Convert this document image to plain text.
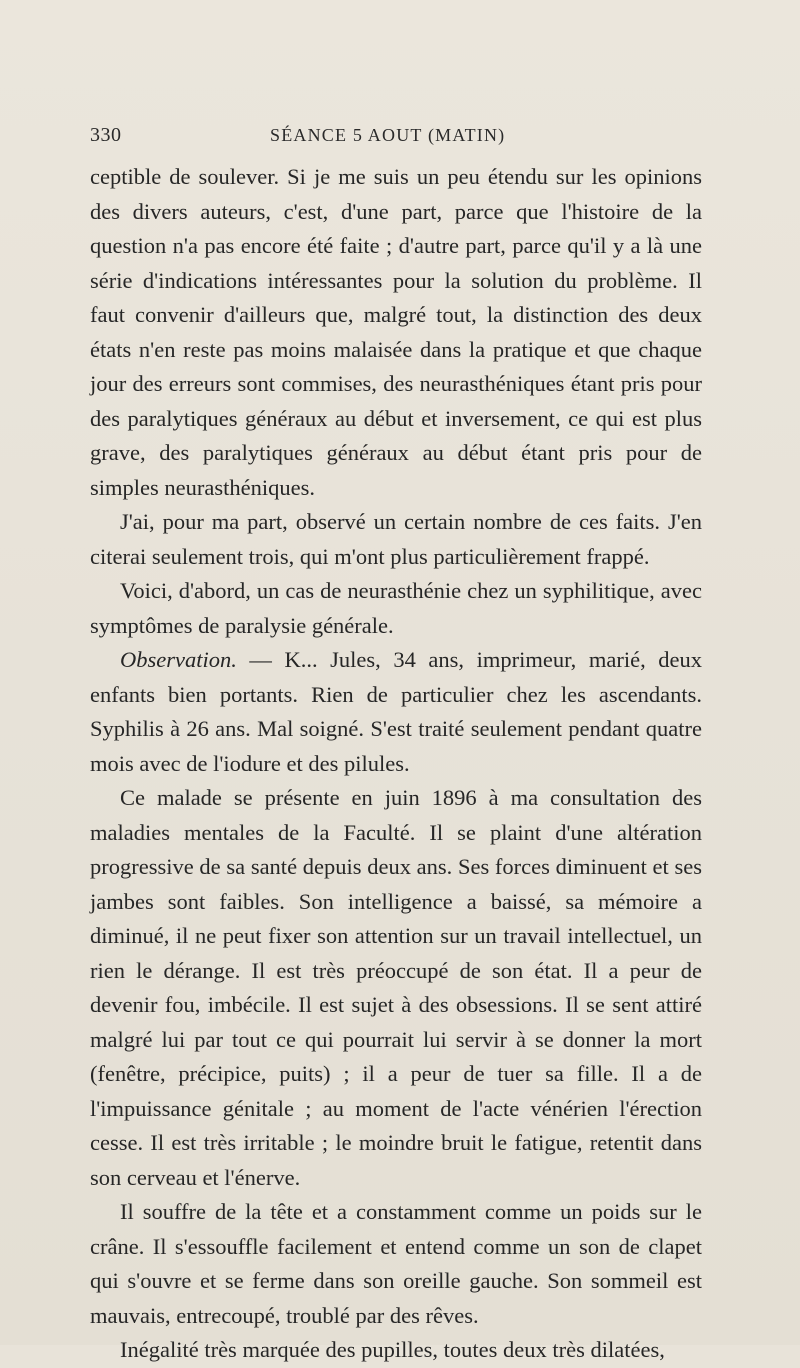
330	SÉANCE 5 AOUT (MATIN)

ceptible de soulever. Si je me suis un peu étendu sur les opinions des divers auteurs, c'est, d'une part, parce que l'histoire de la question n'a pas encore été faite ; d'autre part, parce qu'il y a là une série d'indications intéressantes pour la solution du problème. Il faut convenir d'ailleurs que, malgré tout, la distinction des deux états n'en reste pas moins malaisée dans la pratique et que chaque jour des erreurs sont commises, des neurasthéniques étant pris pour des paralytiques généraux au début et inversement, ce qui est plus grave, des paralytiques généraux au début étant pris pour de simples neurasthéniques.

J'ai, pour ma part, observé un certain nombre de ces faits. J'en citerai seulement trois, qui m'ont plus particulièrement frappé.

Voici, d'abord, un cas de neurasthénie chez un syphilitique, avec symptômes de paralysie générale.

Observation. — K... Jules, 34 ans, imprimeur, marié, deux enfants bien portants. Rien de particulier chez les ascendants. Syphilis à 26 ans. Mal soigné. S'est traité seulement pendant quatre mois avec de l'iodure et des pilules.

Ce malade se présente en juin 1896 à ma consultation des maladies mentales de la Faculté. Il se plaint d'une altération progressive de sa santé depuis deux ans. Ses forces diminuent et ses jambes sont faibles. Son intelligence a baissé, sa mémoire a diminué, il ne peut fixer son attention sur un travail intellectuel, un rien le dérange. Il est très préoccupé de son état. Il a peur de devenir fou, imbécile. Il est sujet à des obsessions. Il se sent attiré malgré lui par tout ce qui pourrait lui servir à se donner la mort (fenêtre, précipice, puits) ; il a peur de tuer sa fille. Il a de l'impuissance génitale ; au moment de l'acte vénérien l'érection cesse. Il est très irritable ; le moindre bruit le fatigue, retentit dans son cerveau et l'énerve.

Il souffre de la tête et a constamment comme un poids sur le crâne. Il s'essouffle facilement et entend comme un son de clapet qui s'ouvre et se ferme dans son oreille gauche. Son sommeil est mauvais, entrecoupé, troublé par des rêves.

Inégalité très marquée des pupilles, toutes deux très dilatées,
